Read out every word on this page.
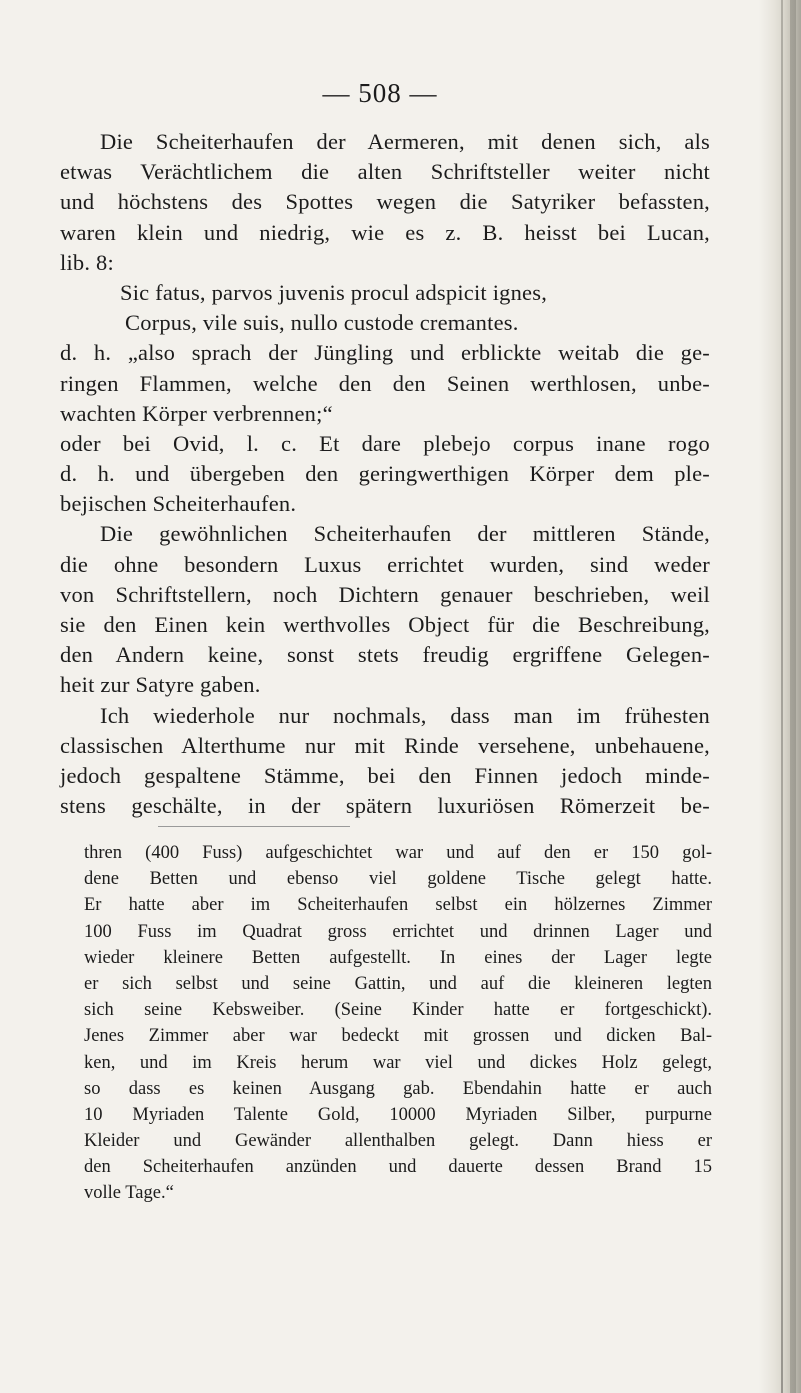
— 508 —
Die Scheiterhaufen der Aermeren, mit denen sich, als
etwas Verächtlichem die alten Schriftsteller weiter nicht
und höchstens des Spottes wegen die Satyriker befassten,
waren klein und niedrig, wie es z. B. heisst bei Lucan,
lib. 8:
Sic fatus, parvos juvenis procul adspicit ignes,
Corpus, vile suis, nullo custode cremantes.
d. h. „also sprach der Jüngling und erblickte weitab die ge-
ringen Flammen, welche den den Seinen werthlosen, unbe-
wachten Körper verbrennen;“
oder bei Ovid, l. c. Et dare plebejo corpus inane rogo
d. h. und übergeben den geringwerthigen Körper dem ple-
bejischen Scheiterhaufen.
Die gewöhnlichen Scheiterhaufen der mittleren Stände,
die ohne besondern Luxus errichtet wurden, sind weder
von Schriftstellern, noch Dichtern genauer beschrieben, weil
sie den Einen kein werthvolles Object für die Beschreibung,
den Andern keine, sonst stets freudig ergriffene Gelegen-
heit zur Satyre gaben.
Ich wiederhole nur nochmals, dass man im frühesten
classischen Alterthume nur mit Rinde versehene, unbehauene,
jedoch gespaltene Stämme, bei den Finnen jedoch minde-
stens geschälte, in der spätern luxuriösen Römerzeit be-
thren (400 Fuss) aufgeschichtet war und auf den er 150 gol-
dene Betten und ebenso viel goldene Tische gelegt hatte.
Er hatte aber im Scheiterhaufen selbst ein hölzernes Zimmer
100 Fuss im Quadrat gross errichtet und drinnen Lager und
wieder kleinere Betten aufgestellt. In eines der Lager legte
er sich selbst und seine Gattin, und auf die kleineren legten
sich seine Kebsweiber. (Seine Kinder hatte er fortgeschickt).
Jenes Zimmer aber war bedeckt mit grossen und dicken Bal-
ken, und im Kreis herum war viel und dickes Holz gelegt,
so dass es keinen Ausgang gab. Ebendahin hatte er auch
10 Myriaden Talente Gold, 10000 Myriaden Silber, purpurne
Kleider und Gewänder allenthalben gelegt. Dann hiess er
den Scheiterhaufen anzünden und dauerte dessen Brand 15
volle Tage.“
